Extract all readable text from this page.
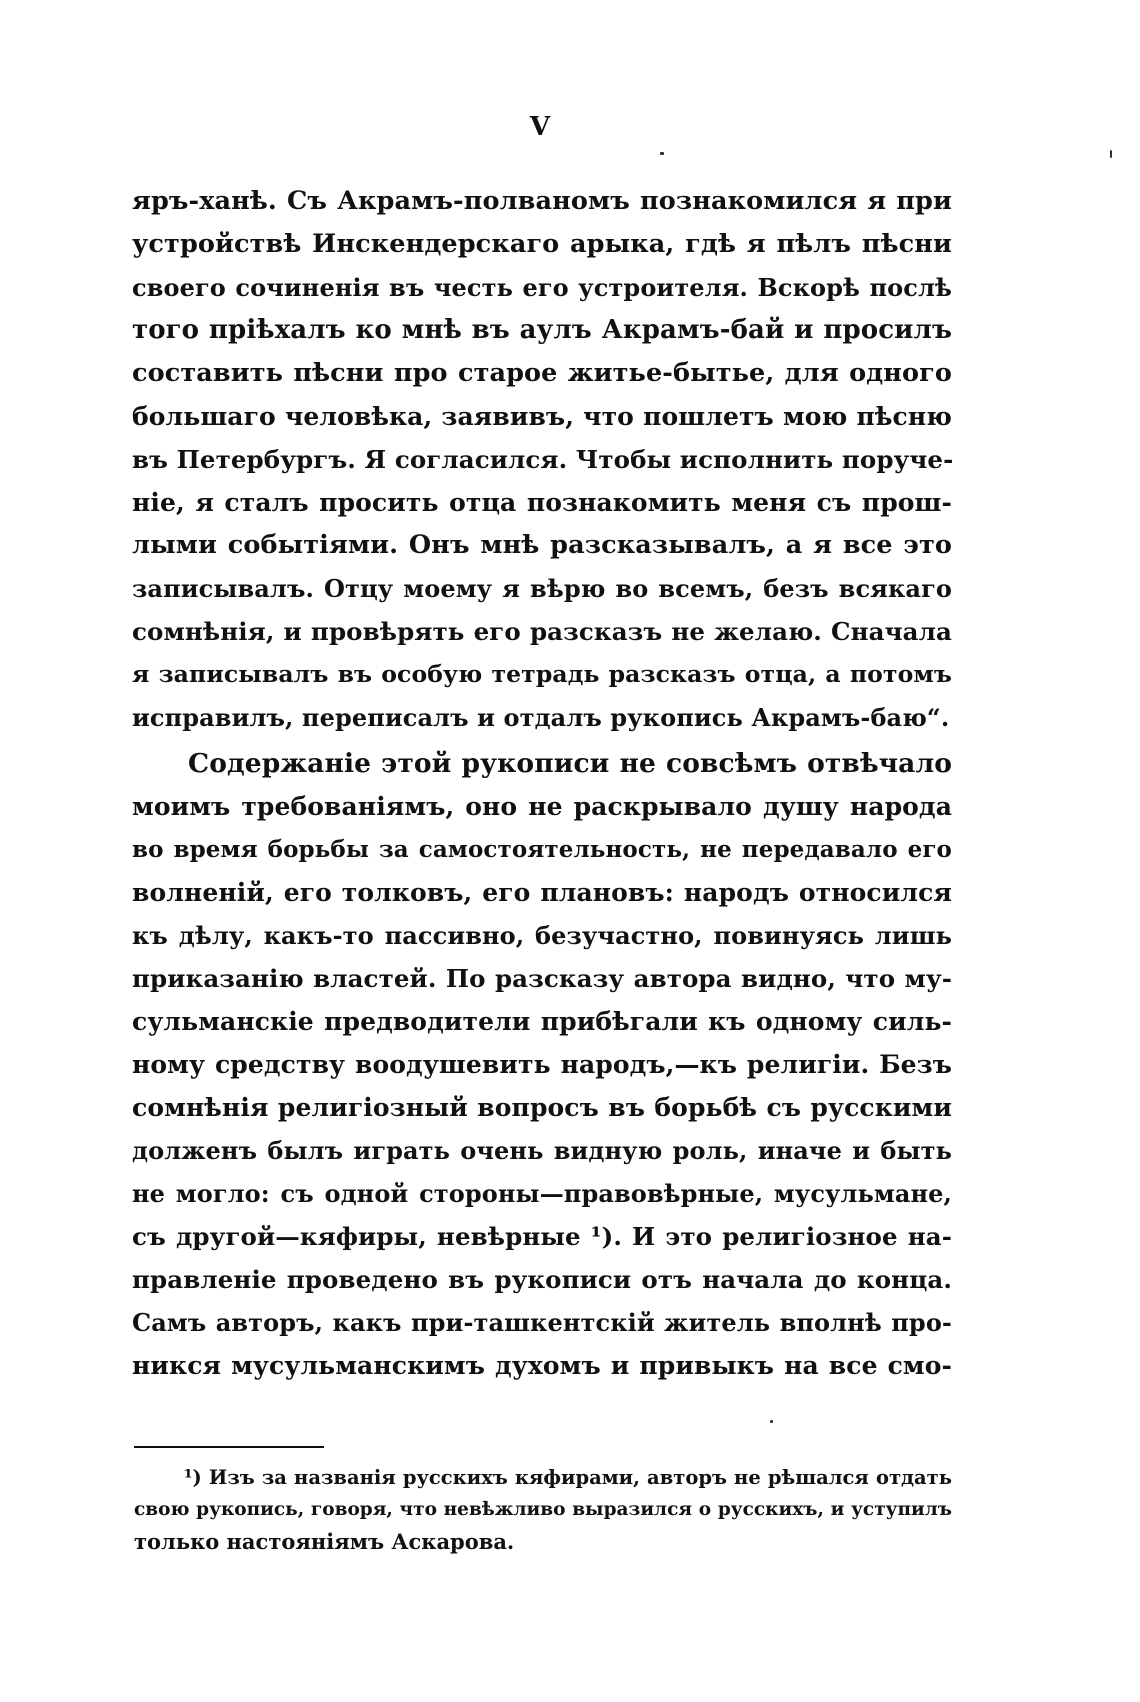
V
яръ-ханѣ. Съ Акрамъ-полваномъ познакомился я при
устройствѣ Инскендерскаго арыка, гдѣ я пѣлъ пѣсни
своего сочиненія въ честь его устроителя. Вскорѣ послѣ
того пріѣхалъ ко мнѣ въ аулъ Акрамъ-бай и просилъ
составить пѣсни про старое житье-бытье, для одного
большаго человѣка, заявивъ, что пошлетъ мою пѣсню
въ Петербургъ. Я согласился. Чтобы исполнить поруче-
ніе, я сталъ просить отца познакомить меня съ прош-
лыми событіями. Онъ мнѣ разсказывалъ, а я все это
записывалъ. Отцу моему я вѣрю во всемъ, безъ всякаго
сомнѣнія, и провѣрять его разсказъ не желаю. Сначала
я записывалъ въ особую тетрадь разсказъ отца, а потомъ
исправилъ, переписалъ и отдалъ рукопись Акрамъ-баю“.
Содержаніе этой рукописи не совсѣмъ отвѣчало
моимъ требованіямъ, оно не раскрывало душу народа
во время борьбы за самостоятельность, не передавало его
волненій, его толковъ, его плановъ: народъ относился
къ дѣлу, какъ-то пассивно, безучастно, повинуясь лишь
приказанію властей. По разсказу автора видно, что му-
сульманскіе предводители прибѣгали къ одному силь-
ному средству воодушевить народъ,—къ религіи. Безъ
сомнѣнія религіозный вопросъ въ борьбѣ съ русскими
долженъ былъ играть очень видную роль, иначе и быть
не могло: съ одной стороны—правовѣрные, мусульмане,
съ другой—кяфиры, невѣрные ¹). И это религіозное на-
правленіе проведено въ рукописи отъ начала до конца.
Самъ авторъ, какъ при-ташкентскій житель вполнѣ про-
никся мусульманскимъ духомъ и привыкъ на все смо-
¹) Изъ за названія русскихъ кяфирами, авторъ не рѣшался отдать
свою рукопись, говоря, что невѣжливо выразился о русскихъ, и уступилъ
только настояніямъ Аскарова.
